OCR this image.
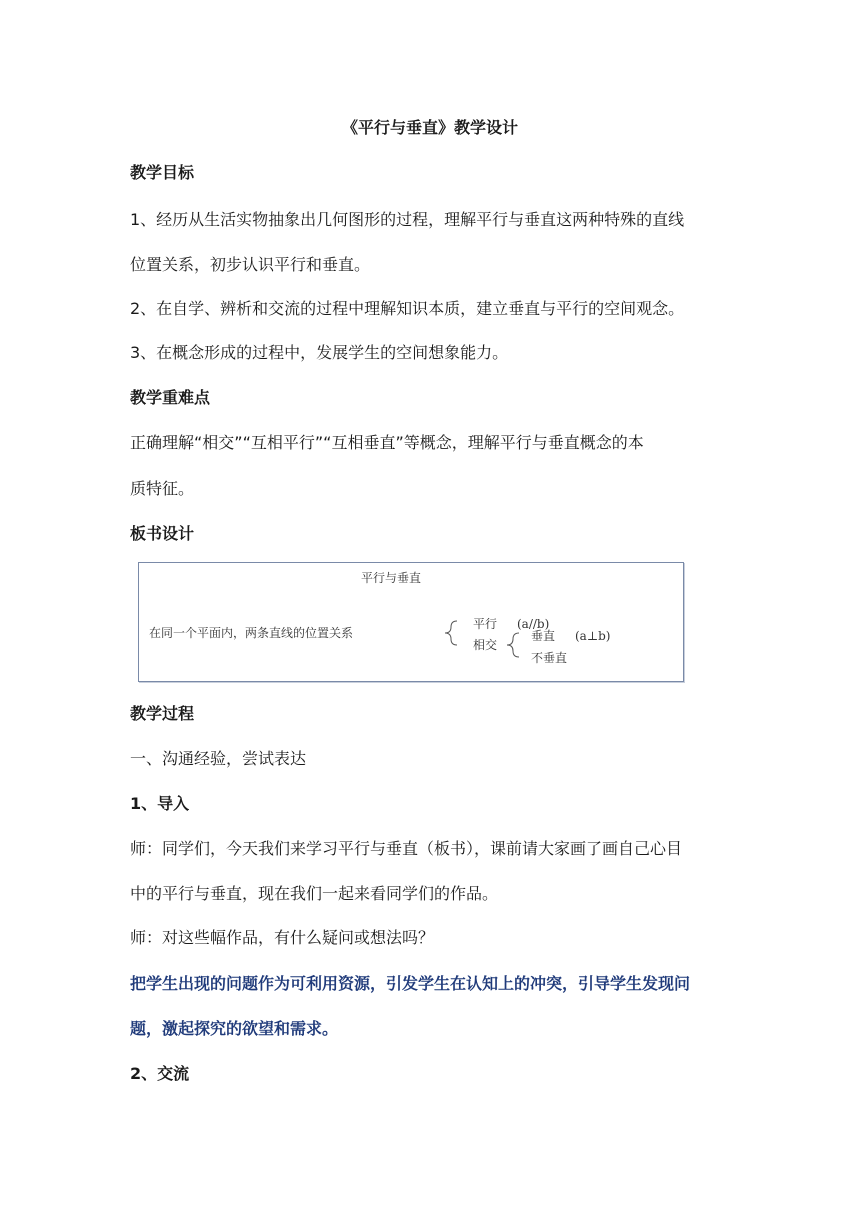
《平行与垂直》教学设计
教学目标
1、经历从生活实物抽象出几何图形的过程，理解平行与垂直这两种特殊的直线
位置关系，初步认识平行和垂直。
2、在自学、辨析和交流的过程中理解知识本质，建立垂直与平行的空间观念。
3、在概念形成的过程中，发展学生的空间想象能力。
教学重难点
正确理解“相交”“互相平行”“互相垂直”等概念，理解平行与垂直概念的本
质特征。
板书设计
平行与垂直
在同一个平面内，两条直线的位置关系
平行 (a//b)
相交
垂直 (a⊥b)
不垂直
教学过程
一、沟通经验，尝试表达
1、导入
师：同学们，今天我们来学习平行与垂直（板书），课前请大家画了画自己心目
中的平行与垂直，现在我们一起来看同学们的作品。
师：对这些幅作品，有什么疑问或想法吗？
把学生出现的问题作为可利用资源，引发学生在认知上的冲突，引导学生发现问
题，激起探究的欲望和需求。
2、交流
